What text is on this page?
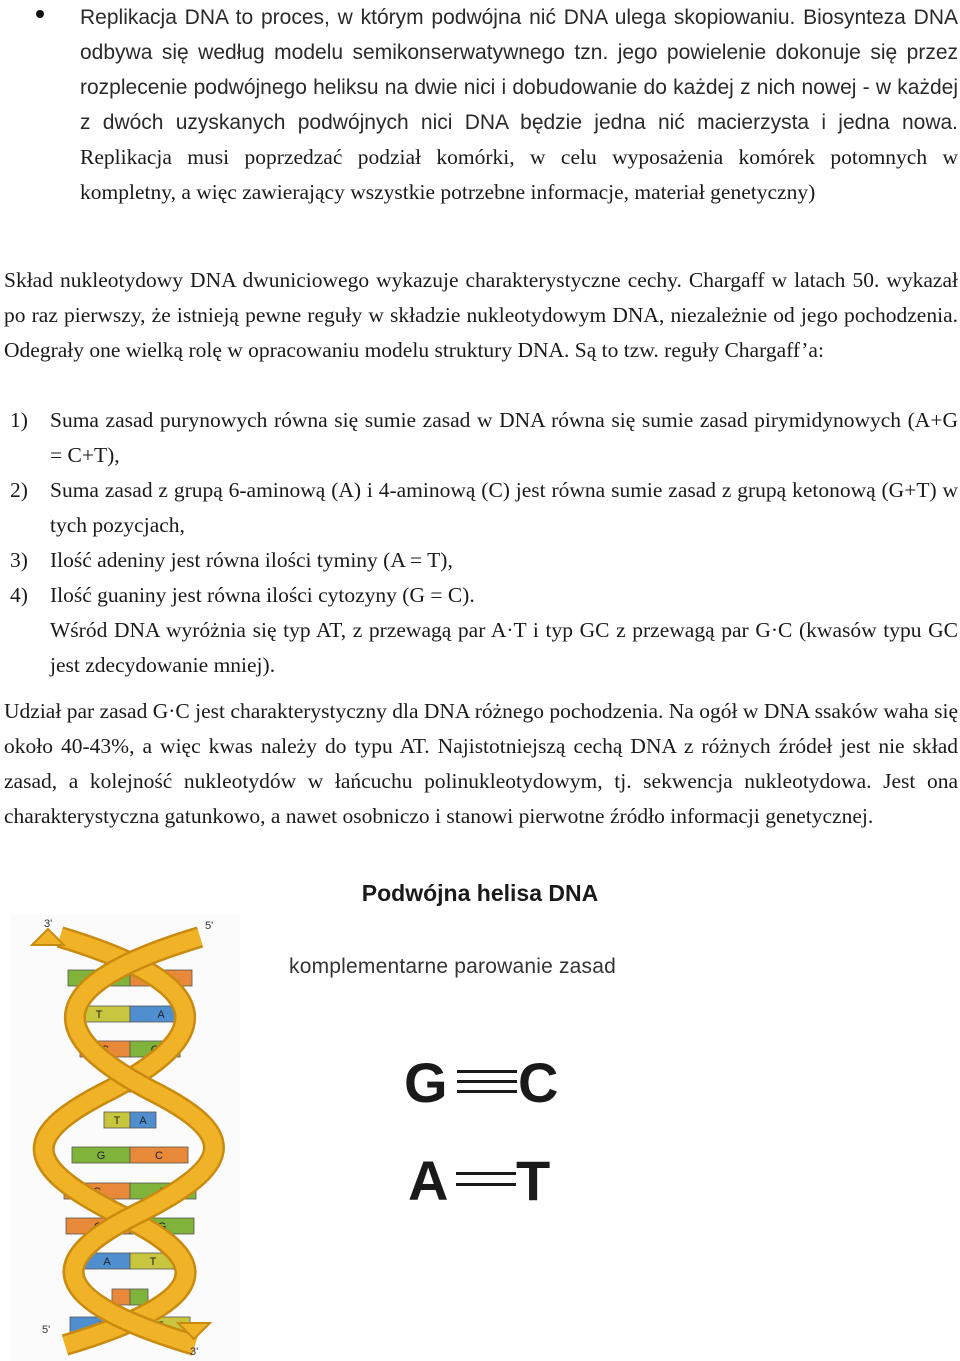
Replikacja DNA to proces, w którym podwójna nić DNA ulega skopiowaniu. Biosynteza DNA odbywa się według modelu semikonserwatywnego tzn. jego powielenie dokonuje się przez rozplecenie podwójnego heliksu na dwie nici i dobudowanie do każdej z nich nowej - w każdej z dwóch uzyskanych podwójnych nici DNA będzie jedna nić macierzysta i jedna nowa. Replikacja musi poprzedzać podział komórki, w celu wyposażenia komórek potomnych w kompletny, a więc zawierający wszystkie potrzebne informacje, materiał genetyczny)
Skład nukleotydowy DNA dwuniciowego wykazuje charakterystyczne cechy. Chargaff w latach 50. wykazał po raz pierwszy, że istnieją pewne reguły w składzie nukleotydowym DNA, niezależnie od jego pochodzenia. Odegrały one wielką rolę w opracowaniu modelu struktury DNA. Są to tzw. reguły Chargaff’a:
1) Suma zasad purynowych równa się sumie zasad w DNA równa się sumie zasad pirymidynowych (A+G = C+T),
2) Suma zasad z grupą 6-aminową (A) i 4-aminową (C) jest równa sumie zasad z grupą ketonową (G+T) w tych pozycjach,
3) Ilość adeniny jest równa ilości tyminy (A = T),
4) Ilość guaniny jest równa ilości cytozyny (G = C).
Wśród DNA wyróżnia się typ AT, z przewagą par A·T i typ GC z przewagą par G·C (kwasów typu GC jest zdecydowanie mniej).
Udział par zasad G·C jest charakterystyczny dla DNA różnego pochodzenia. Na ogół w DNA ssaków waha się około 40-43%, a więc kwas należy do typu AT. Najistotniejszą cechą DNA z różnych źródeł jest nie skład zasad, a kolejność nukleotydów w łańcuchu polinukleotydowym, tj. sekwencja nukleotydowa. Jest ona charakterystyczna gatunkowo, a nawet osobniczo i stanowi pierwotne źródło informacji genetycznej.
Podwójna helisa DNA
G	C
T	A
C	G
T A
G	C
C	G
C	G
A	T
A	T
3'	5'
5'
3'
komplementarne parowanie zasad
G C
A T
